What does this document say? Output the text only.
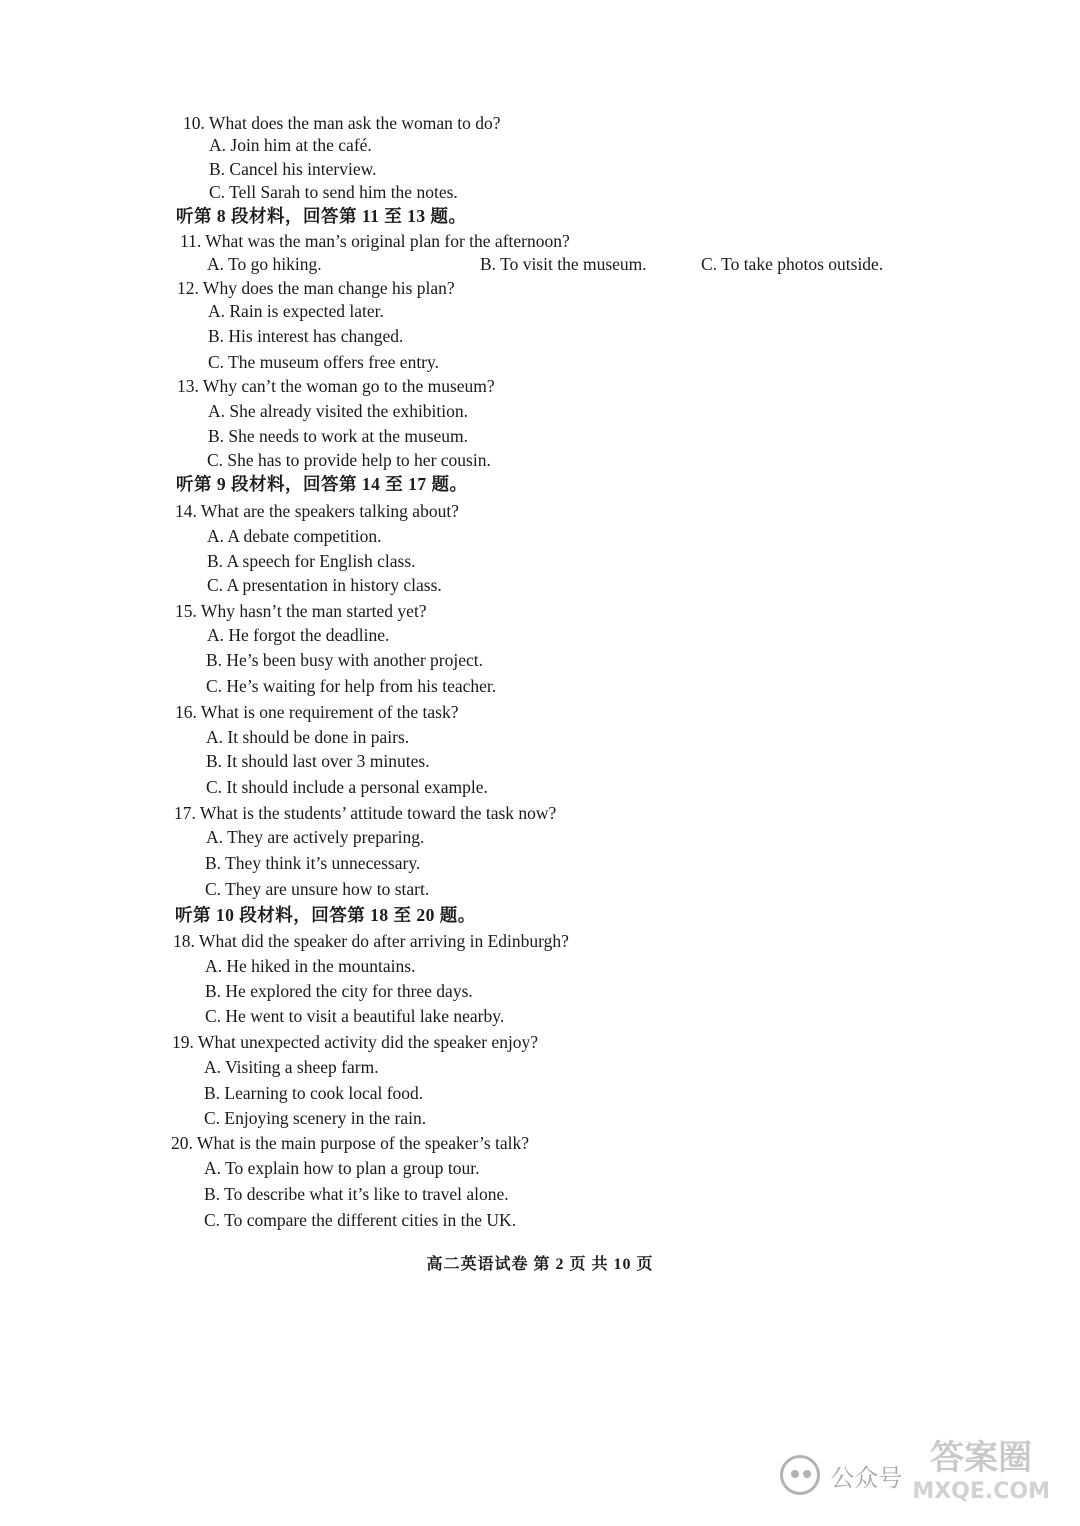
10. What does the man ask the woman to do?
A. Join him at the café.
B. Cancel his interview.
C. Tell Sarah to send him the notes.
听第 8 段材料，回答第 11 至 13 题。
11. What was the man’s original plan for the afternoon?
A. To go hiking.	B. To visit the museum.	C. To take photos outside.
12. Why does the man change his plan?
A. Rain is expected later.
B. His interest has changed.
C. The museum offers free entry.
13. Why can’t the woman go to the museum?
A. She already visited the exhibition.
B. She needs to work at the museum.
C. She has to provide help to her cousin.
听第 9 段材料，回答第 14 至 17 题。
14. What are the speakers talking about?
A. A debate competition.
B. A speech for English class.
C. A presentation in history class.
15. Why hasn’t the man started yet?
A. He forgot the deadline.
B. He’s been busy with another project.
C. He’s waiting for help from his teacher.
16. What is one requirement of the task?
A. It should be done in pairs.
B. It should last over 3 minutes.
C. It should include a personal example.
17. What is the students’ attitude toward the task now?
A. They are actively preparing.
B. They think it’s unnecessary.
C. They are unsure how to start.
听第 10 段材料，回答第 18 至 20 题。
18. What did the speaker do after arriving in Edinburgh?
A. He hiked in the mountains.
B. He explored the city for three days.
C. He went to visit a beautiful lake nearby.
19. What unexpected activity did the speaker enjoy?
A. Visiting a sheep farm.
B. Learning to cook local food.
C. Enjoying scenery in the rain.
20. What is the main purpose of the speaker’s talk?
A. To explain how to plan a group tour.
B. To describe what it’s like to travel alone.
C. To compare the different cities in the UK.
高二英语试卷 第 2 页 共 10 页
公众号 答案圈
MXQE.COM
